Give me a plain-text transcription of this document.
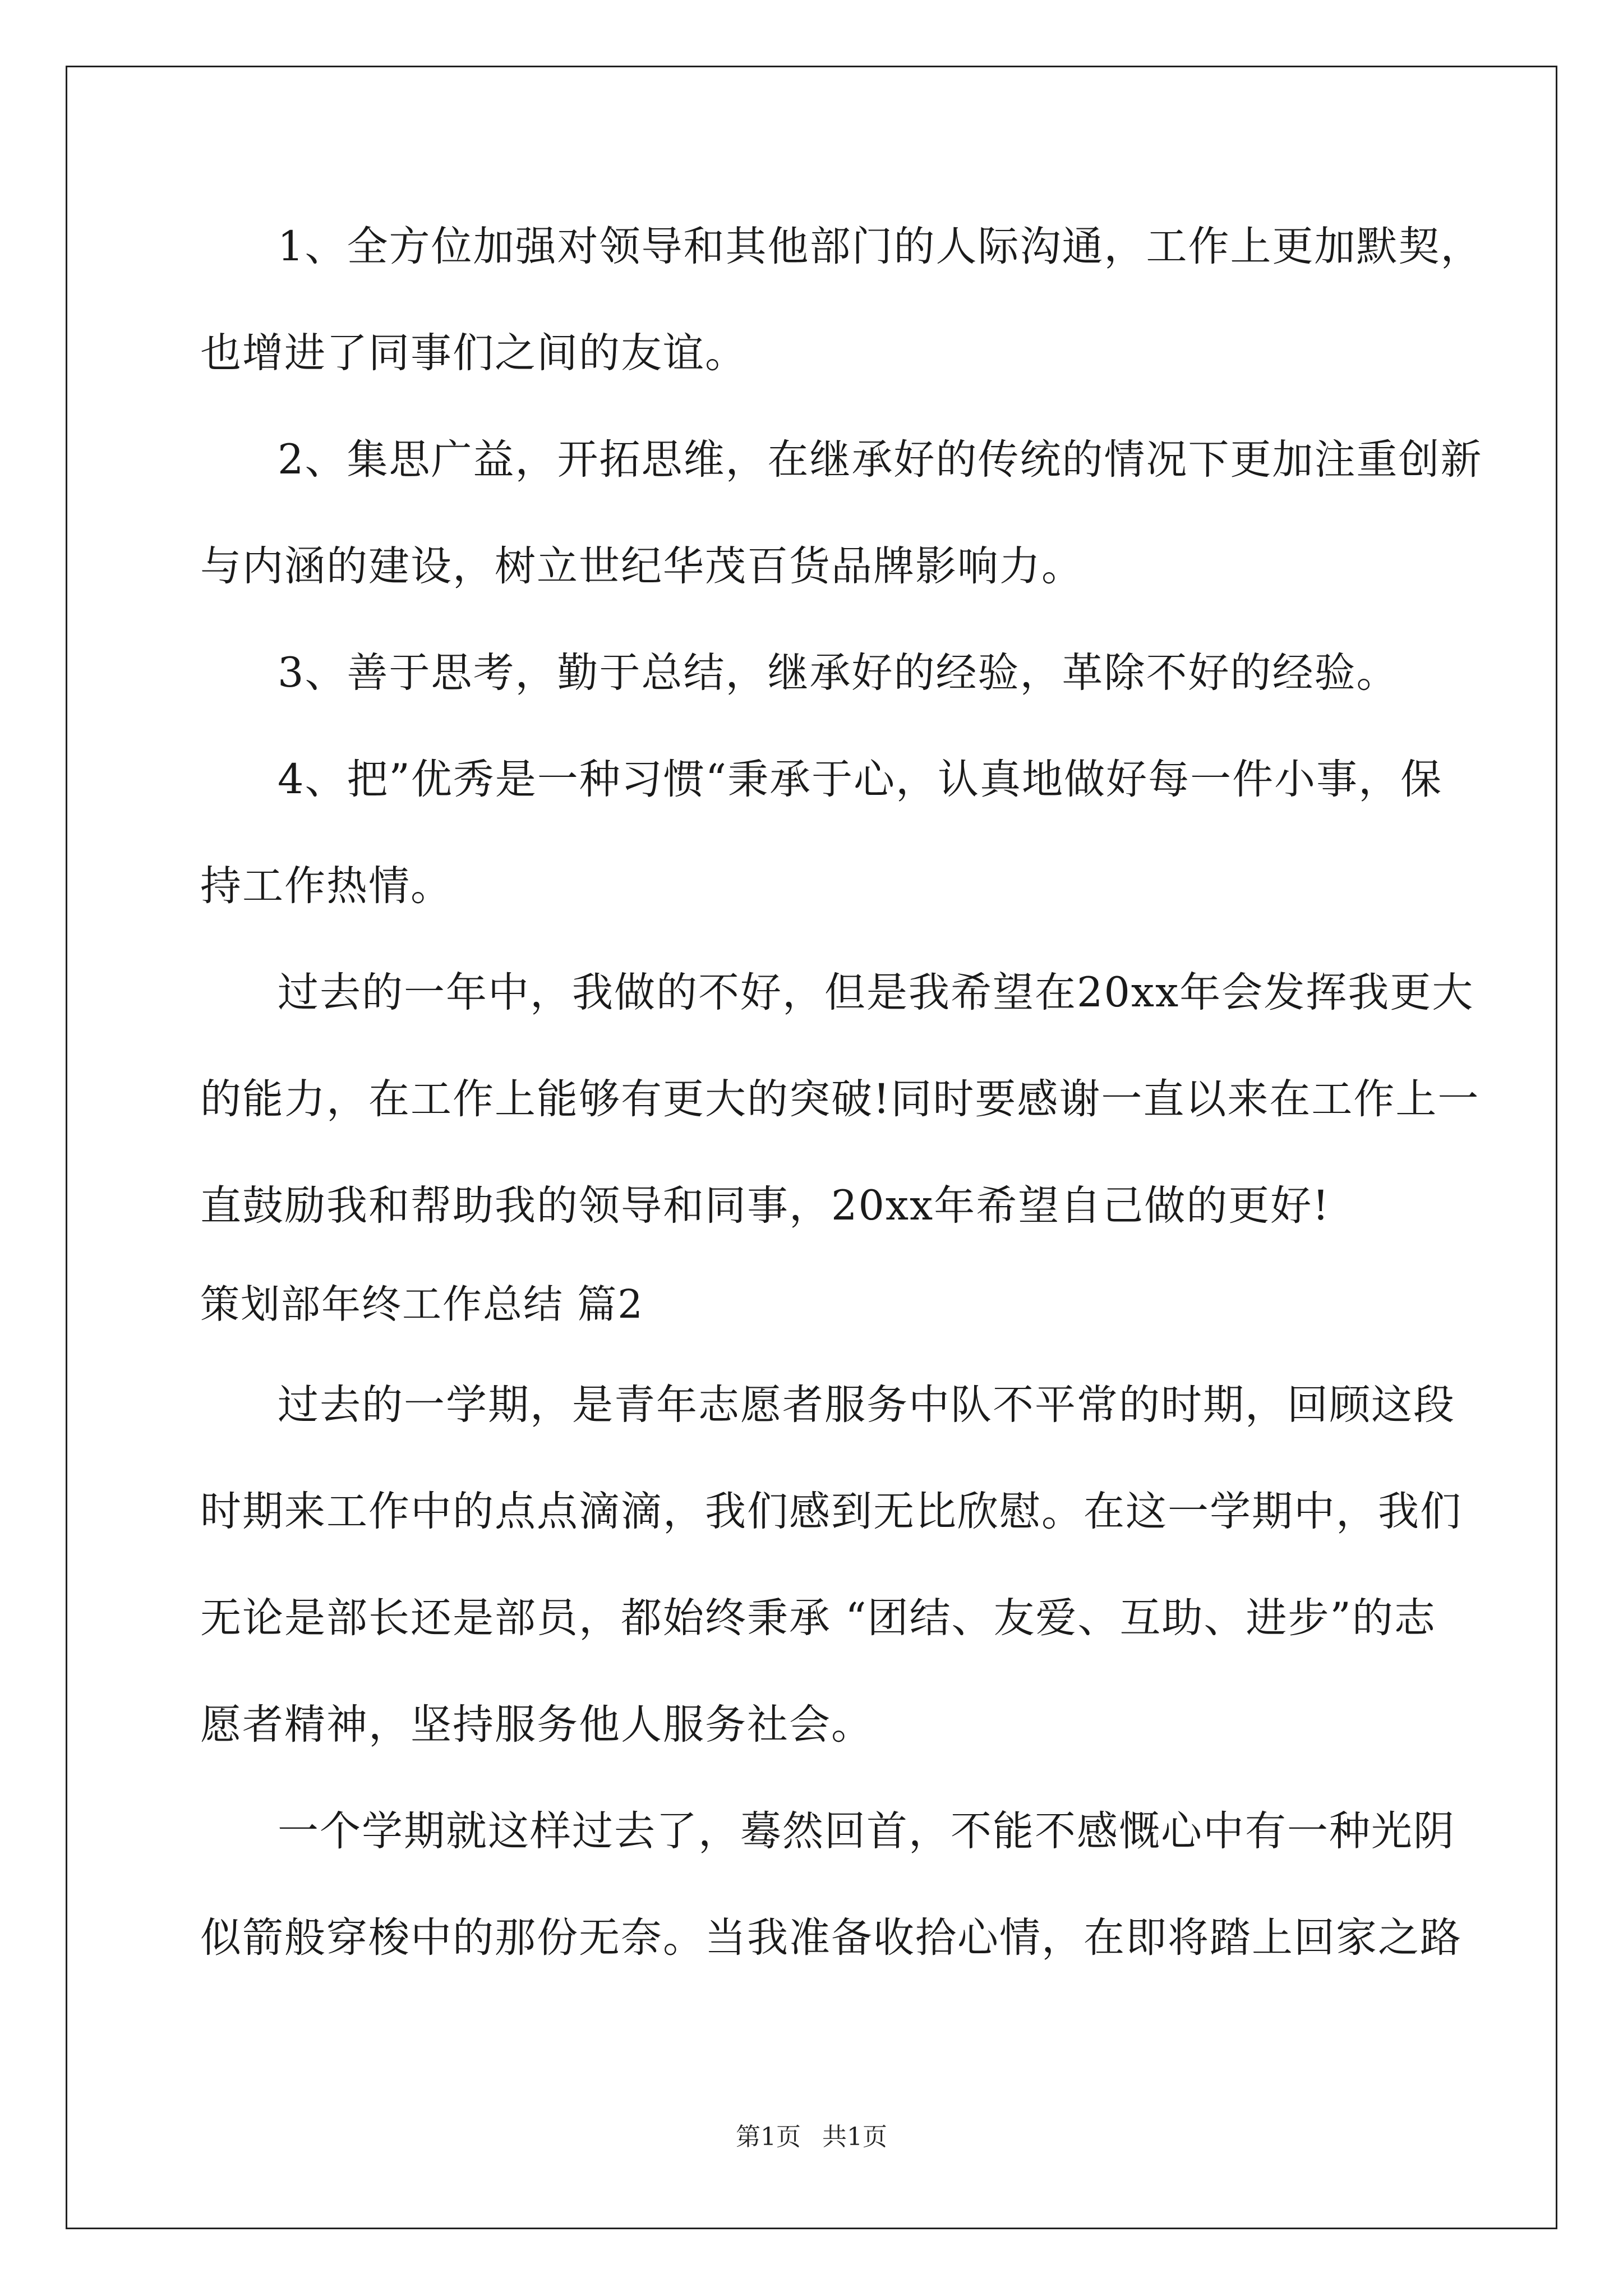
1、全方位加强对领导和其他部门的人际沟通，工作上更加默契，
也增进了同事们之间的友谊。
2、集思广益，开拓思维，在继承好的传统的情况下更加注重创新
与内涵的建设，树立世纪华茂百货品牌影响力。
3、善于思考，勤于总结，继承好的经验，革除不好的经验。
4、把”优秀是一种习惯“秉承于心，认真地做好每一件小事，保
持工作热情。
过去的一年中，我做的不好，但是我希望在20xx年会发挥我更大
的能力，在工作上能够有更大的突破!同时要感谢一直以来在工作上一
直鼓励我和帮助我的领导和同事，20xx年希望自己做的更好!
策划部年终工作总结 篇2
过去的一学期，是青年志愿者服务中队不平常的时期，回顾这段
时期来工作中的点点滴滴，我们感到无比欣慰。在这一学期中，我们
无论是部长还是部员，都始终秉承 “团结、友爱、互助、进步”的志
愿者精神，坚持服务他人服务社会。
一个学期就这样过去了，蓦然回首，不能不感慨心中有一种光阴
似箭般穿梭中的那份无奈。当我准备收拾心情，在即将踏上回家之路
第1页 共1页
